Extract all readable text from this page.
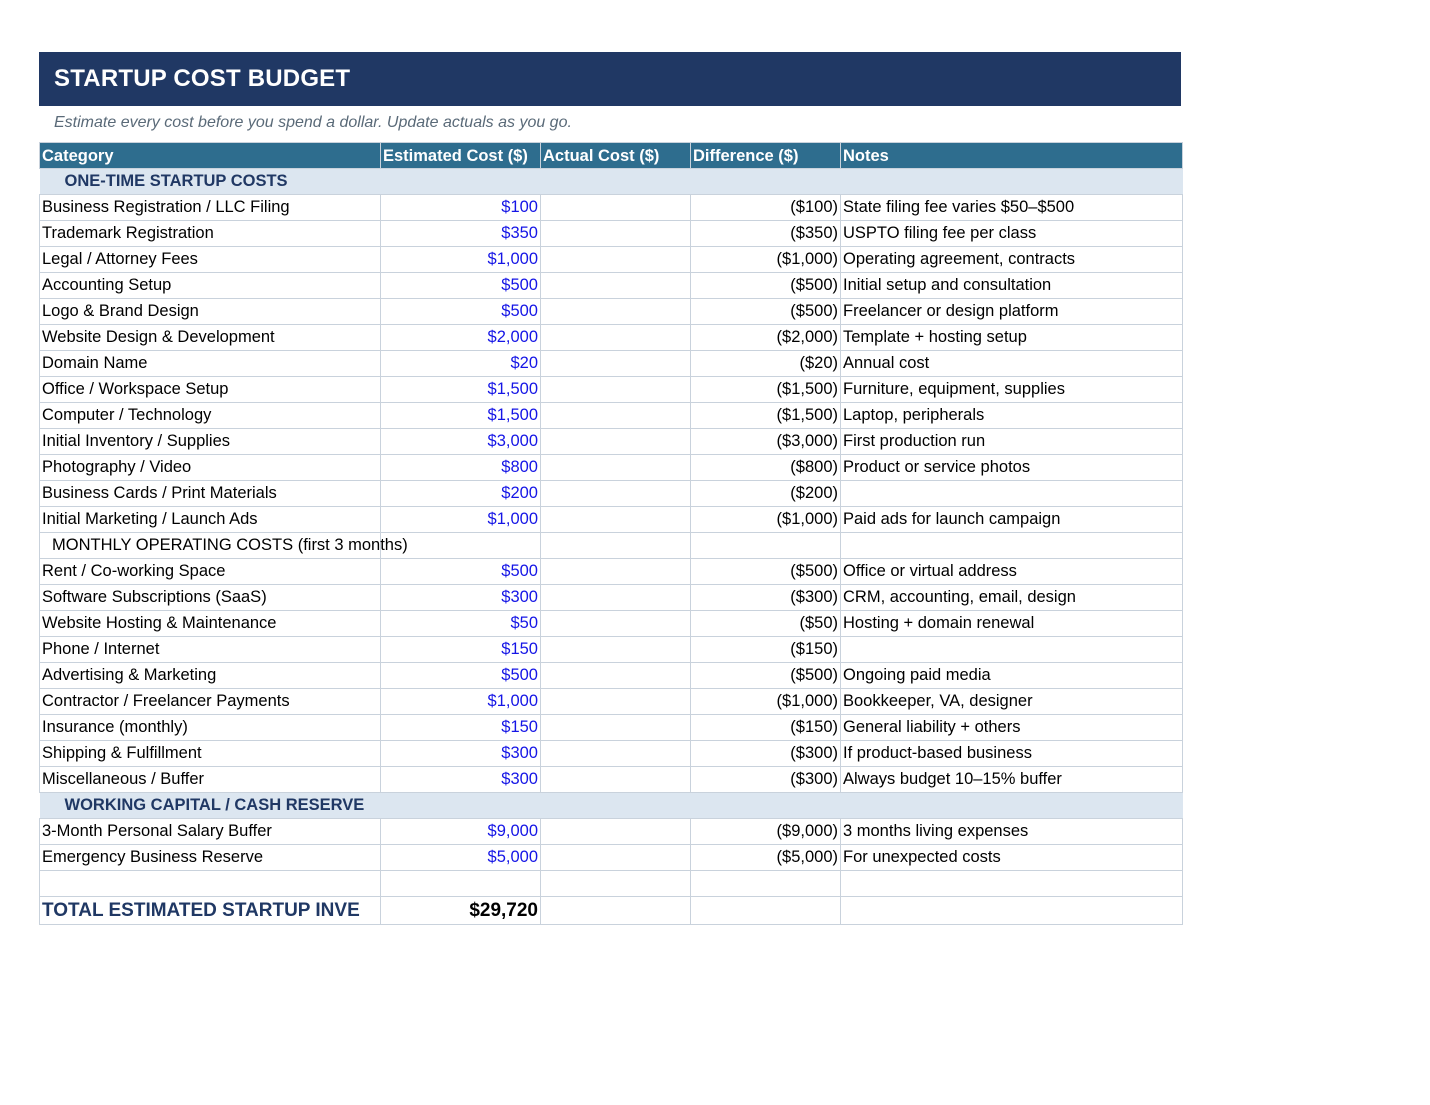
STARTUP COST BUDGET
Estimate every cost before you spend a dollar. Update actuals as you go.
Category	Estimated Cost ($)	Actual Cost ($)	Difference ($)	Notes
ONE-TIME STARTUP COSTS				
Business Registration / LLC Filing	$100		($100)	State filing fee varies $50–$500
Trademark Registration	$350		($350)	USPTO filing fee per class
Legal / Attorney Fees	$1,000		($1,000)	Operating agreement, contracts
Accounting Setup	$500		($500)	Initial setup and consultation
Logo & Brand Design	$500		($500)	Freelancer or design platform
Website Design & Development	$2,000		($2,000)	Template + hosting setup
Domain Name	$20		($20)	Annual cost
Office / Workspace Setup	$1,500		($1,500)	Furniture, equipment, supplies
Computer / Technology	$1,500		($1,500)	Laptop, peripherals
Initial Inventory / Supplies	$3,000		($3,000)	First production run
Photography / Video	$800		($800)	Product or service photos
Business Cards / Print Materials	$200		($200)	
Initial Marketing / Launch Ads	$1,000		($1,000)	Paid ads for launch campaign
MONTHLY OPERATING COSTS (first 3 months)				
Rent / Co-working Space	$500		($500)	Office or virtual address
Software Subscriptions (SaaS)	$300		($300)	CRM, accounting, email, design
Website Hosting & Maintenance	$50		($50)	Hosting + domain renewal
Phone / Internet	$150		($150)	
Advertising & Marketing	$500		($500)	Ongoing paid media
Contractor / Freelancer Payments	$1,000		($1,000)	Bookkeeper, VA, designer
Insurance (monthly)	$150		($150)	General liability + others
Shipping & Fulfillment	$300		($300)	If product-based business
Miscellaneous / Buffer	$300		($300)	Always budget 10–15% buffer
WORKING CAPITAL / CASH RESERVE				
3-Month Personal Salary Buffer	$9,000		($9,000)	3 months living expenses
Emergency Business Reserve	$5,000		($5,000)	For unexpected costs

TOTAL ESTIMATED STARTUP INVE	$29,720			
